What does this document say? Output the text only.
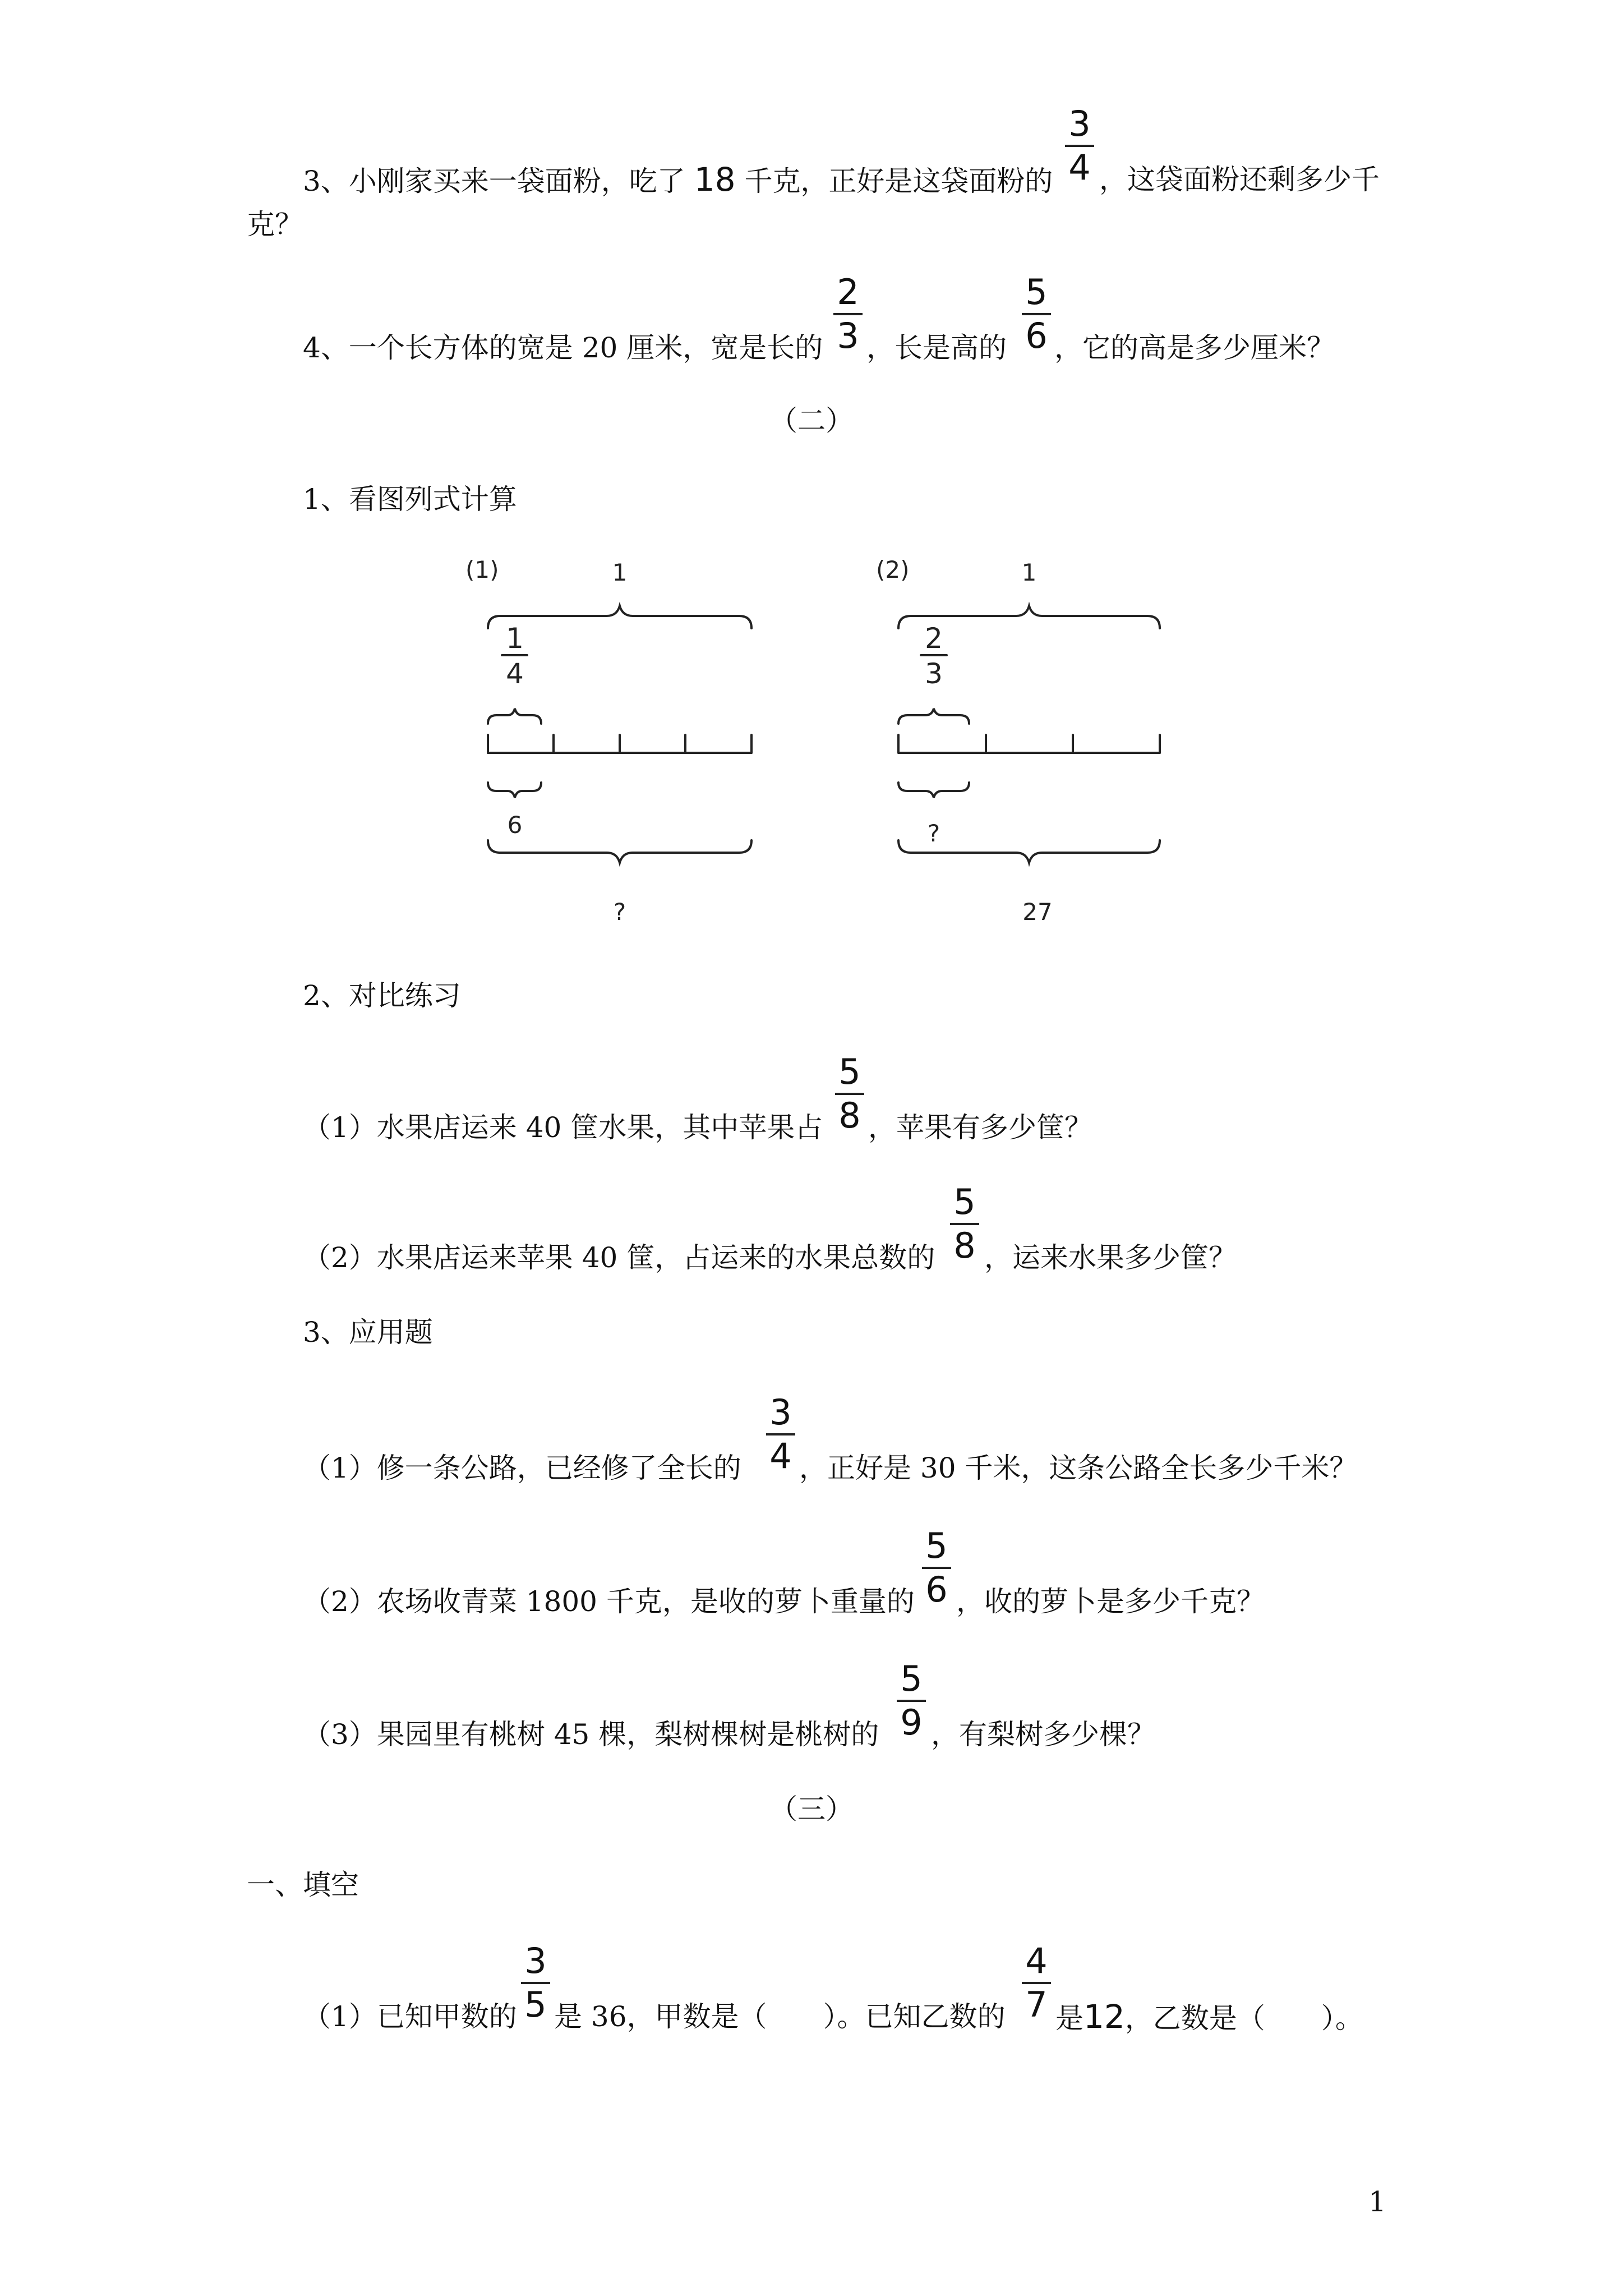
3、小刚家买来一袋面粉，吃了 18 千克，正好是这袋面粉的
3
4 ，这袋面粉还剩多少千
克？
4、一个长方体的宽是 20 厘米，宽是长的
2
3 ，长是高的
5
6 ，它的高是多少厘米？
（二）
1、看图列式计算
(1)	1
1
4
6
?
(2)	1
2
3
?
27
2、对比练习
（1）水果店运来 40 筐水果，其中苹果占
5
8 ，苹果有多少筐？
（2）水果店运来苹果 40 筐，占运来的水果总数的
5
8 ，运来水果多少筐？
3、应用题
（1）修一条公路，已经修了全长的
3
4 ，正好是 30 千米，这条公路全长多少千米？
（2）农场收青菜 1800 千克，是收的萝卜重量的
5
6 ，收的萝卜是多少千克？
（3）果园里有桃树 45 棵，梨树棵树是桃树的
5
9 ，有梨树多少棵？
（三）
一、填空
（1）已知甲数的
3
5 是 36，甲数是（　　）。已知乙数的
4
7 是12，乙数是（　　）。
1
